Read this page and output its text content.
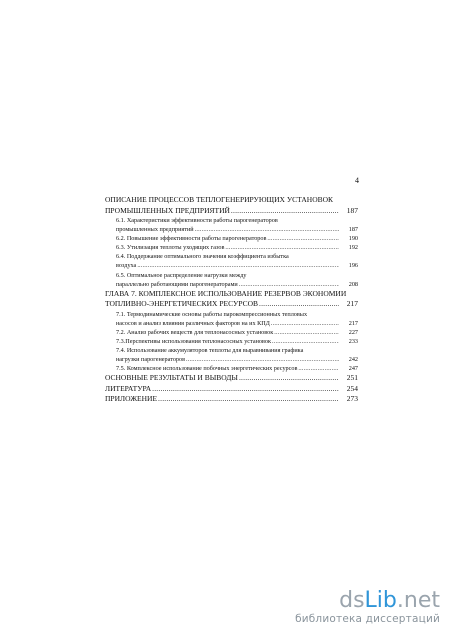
4
ОПИСАНИЕ ПРОЦЕССОВ ТЕПЛОГЕНЕРИРУЮЩИХ УСТАНОВОК
ПРОМЫШЛЕННЫХ ПРЕДПРИЯТИЙ .....	187
6.1. Характеристики эффективности работы парогенераторов
промышленных предприятий .....	187
6.2. Повышение эффективности работы парогенераторов .....	190
6.3. Утилизация теплоты уходящих газов .....	192
6.4. Поддержание оптимального значения коэффициента избытка
воздуха .....	196
6.5. Оптимальное распределение нагрузки между
параллельно работающими парогенераторами .....	208
ГЛАВА 7. КОМПЛЕКСНОЕ ИСПОЛЬЗОВАНИЕ РЕЗЕРВОВ ЭКОНОМИИ
ТОПЛИВНО-ЭНЕРГЕТИЧЕСКИХ РЕСУРСОВ .....	217
7.1. Термодинамические основы работы парокомпрессионных тепловых
насосов и анализ влияния различных факторов на их КПД .....	217
7.2. Анализ рабочих веществ для теплонасосных установок .....	227
7.3.Перспективы использования теплонасосных установок .....	233
7.4. Использование аккумуляторов теплоты для выравнивания графика
нагрузки парогенераторов .....	242
7.5. Комплексное использование побочных энергетических ресурсов .....	247
ОСНОВНЫЕ РЕЗУЛЬТАТЫ И ВЫВОДЫ .....	251
ЛИТЕРАТУРА .....	254
ПРИЛОЖЕНИЕ .....	273
dsLib.net
библиотека диссертаций
